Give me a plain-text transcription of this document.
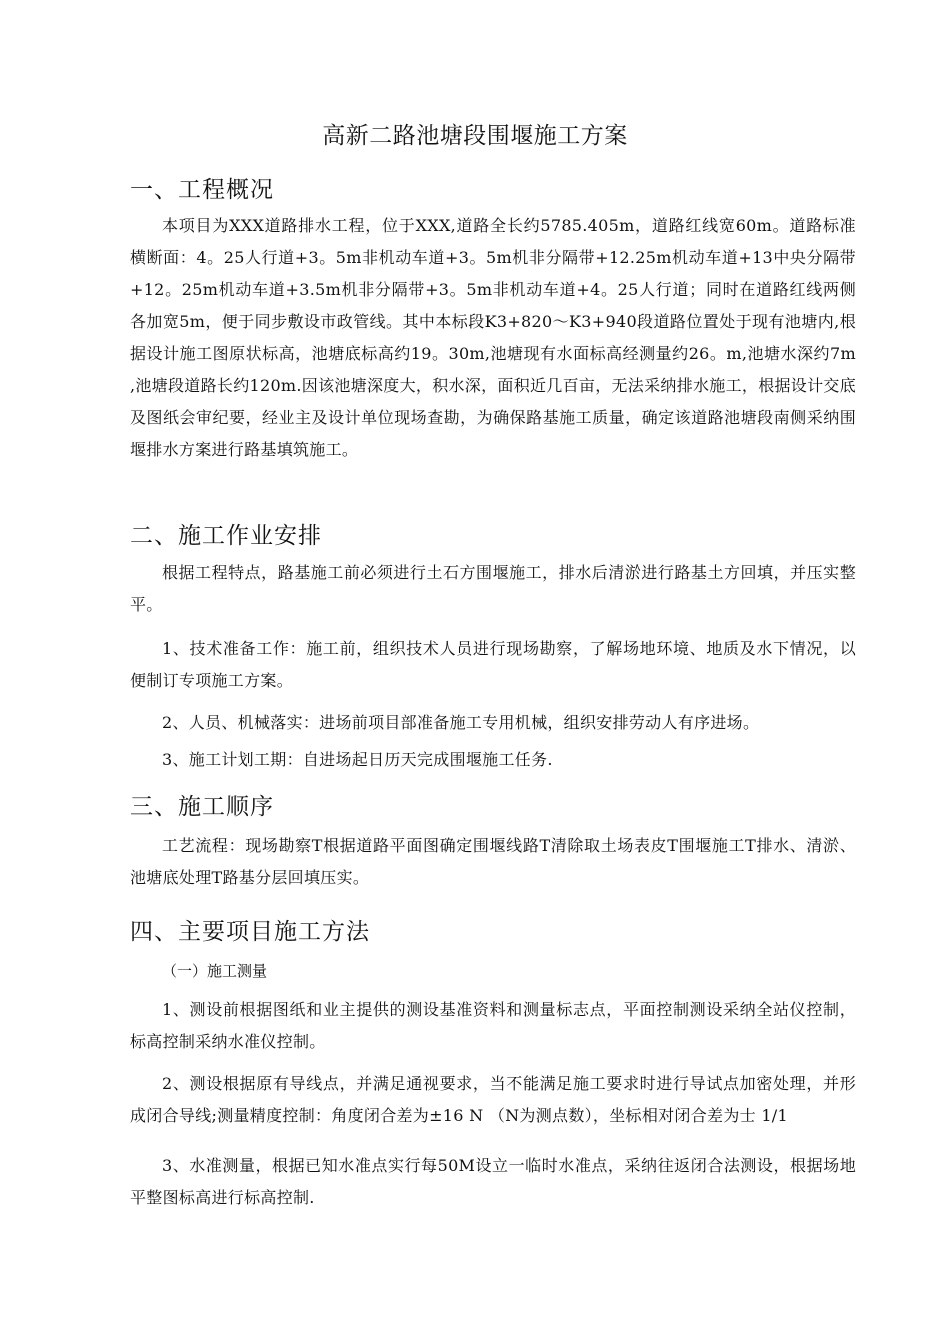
高新二路池塘段围堰施工方案
一、工程概况
本项目为XXX道路排水工程，位于XXX,道路全长约5785.405m，道路红线宽60m。道路标准横断面：4。25人行道+3。5m非机动车道+3。5m机非分隔带+12.25m机动车道+13中央分隔带+12。25m机动车道+3.5m机非分隔带+3。5m非机动车道+4。25人行道；同时在道路红线两侧各加宽5m，便于同步敷设市政管线。其中本标段K3+820〜K3+940段道路位置处于现有池塘内,根据设计施工图原状标高，池塘底标高约19。30m,池塘现有水面标高经测量约26。m,池塘水深约7m ,池塘段道路长约120m.因该池塘深度大，积水深，面积近几百亩，无法采纳排水施工，根据设计交底及图纸会审纪要，经业主及设计单位现场查勘，为确保路基施工质量，确定该道路池塘段南侧采纳围堰排水方案进行路基填筑施工。
二、施工作业安排
根据工程特点，路基施工前必须进行土石方围堰施工，排水后清淤进行路基土方回填，并压实整平。
1、技术准备工作：施工前，组织技术人员进行现场勘察，了解场地环境、地质及水下情况，以便制订专项施工方案。
2、人员、机械落实：进场前项目部准备施工专用机械，组织安排劳动人有序进场。
3、施工计划工期：自进场起日历天完成围堰施工任务.
三、施工顺序
工艺流程：现场勘察T根据道路平面图确定围堰线路T清除取土场表皮T围堰施工T排水、清淤、池塘底处理T路基分层回填压实。
四、主要项目施工方法
（一）施工测量
1、测设前根据图纸和业主提供的测设基准资料和测量标志点，平面控制测设采纳全站仪控制，标高控制采纳水准仪控制。
2、测设根据原有导线点，并满足通视要求，当不能满足施工要求时进行导试点加密处理，并形成闭合导线;测量精度控制：角度闭合差为±16 N （N为测点数），坐标相对闭合差为士 1/1
3、水准测量，根据已知水准点实行每50M设立一临时水准点，采纳往返闭合法测设，根据场地平整图标高进行标高控制.
